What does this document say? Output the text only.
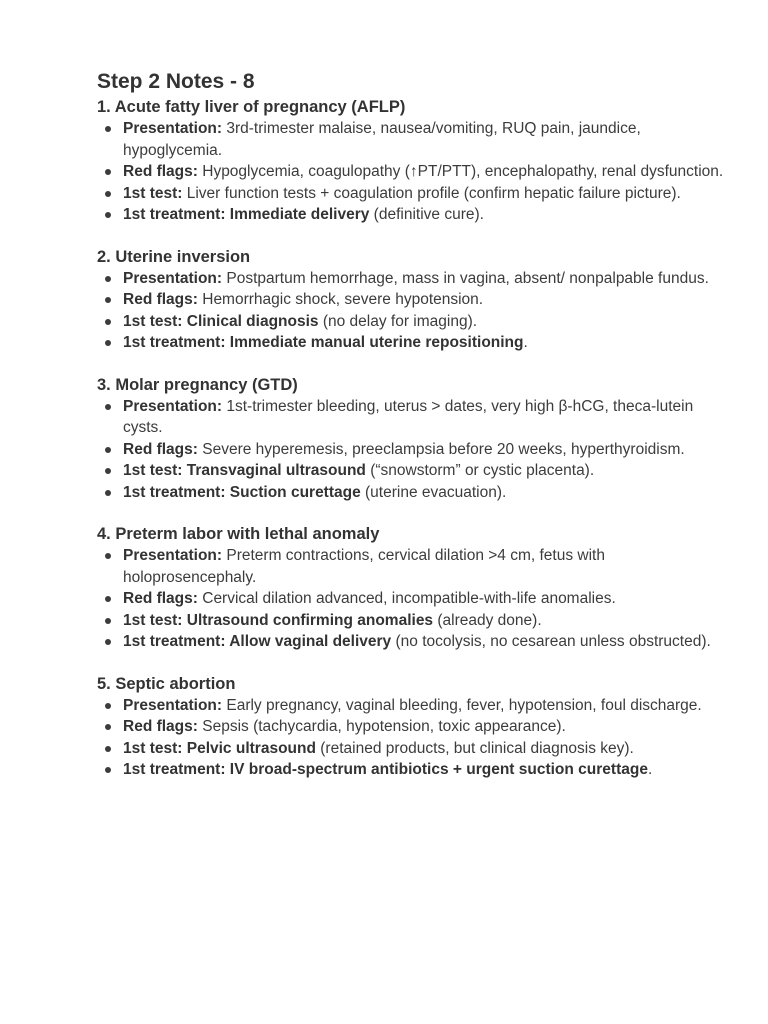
Step 2 Notes - 8
1. Acute fatty liver of pregnancy (AFLP)
Presentation: 3rd-trimester malaise, nausea/vomiting, RUQ pain, jaundice, hypoglycemia.
Red flags: Hypoglycemia, coagulopathy (↑PT/PTT), encephalopathy, renal dysfunction.
1st test: Liver function tests + coagulation profile (confirm hepatic failure picture).
1st treatment: Immediate delivery (definitive cure).
2. Uterine inversion
Presentation: Postpartum hemorrhage, mass in vagina, absent/ nonpalpable fundus.
Red flags: Hemorrhagic shock, severe hypotension.
1st test: Clinical diagnosis (no delay for imaging).
1st treatment: Immediate manual uterine repositioning.
3. Molar pregnancy (GTD)
Presentation: 1st-trimester bleeding, uterus > dates, very high β-hCG, theca-lutein cysts.
Red flags: Severe hyperemesis, preeclampsia before 20 weeks, hyperthyroidism.
1st test: Transvaginal ultrasound (“snowstorm” or cystic placenta).
1st treatment: Suction curettage (uterine evacuation).
4. Preterm labor with lethal anomaly
Presentation: Preterm contractions, cervical dilation >4 cm, fetus with holoprosencephaly.
Red flags: Cervical dilation advanced, incompatible-with-life anomalies.
1st test: Ultrasound confirming anomalies (already done).
1st treatment: Allow vaginal delivery (no tocolysis, no cesarean unless obstructed).
5. Septic abortion
Presentation: Early pregnancy, vaginal bleeding, fever, hypotension, foul discharge.
Red flags: Sepsis (tachycardia, hypotension, toxic appearance).
1st test: Pelvic ultrasound (retained products, but clinical diagnosis key).
1st treatment: IV broad-spectrum antibiotics + urgent suction curettage.
